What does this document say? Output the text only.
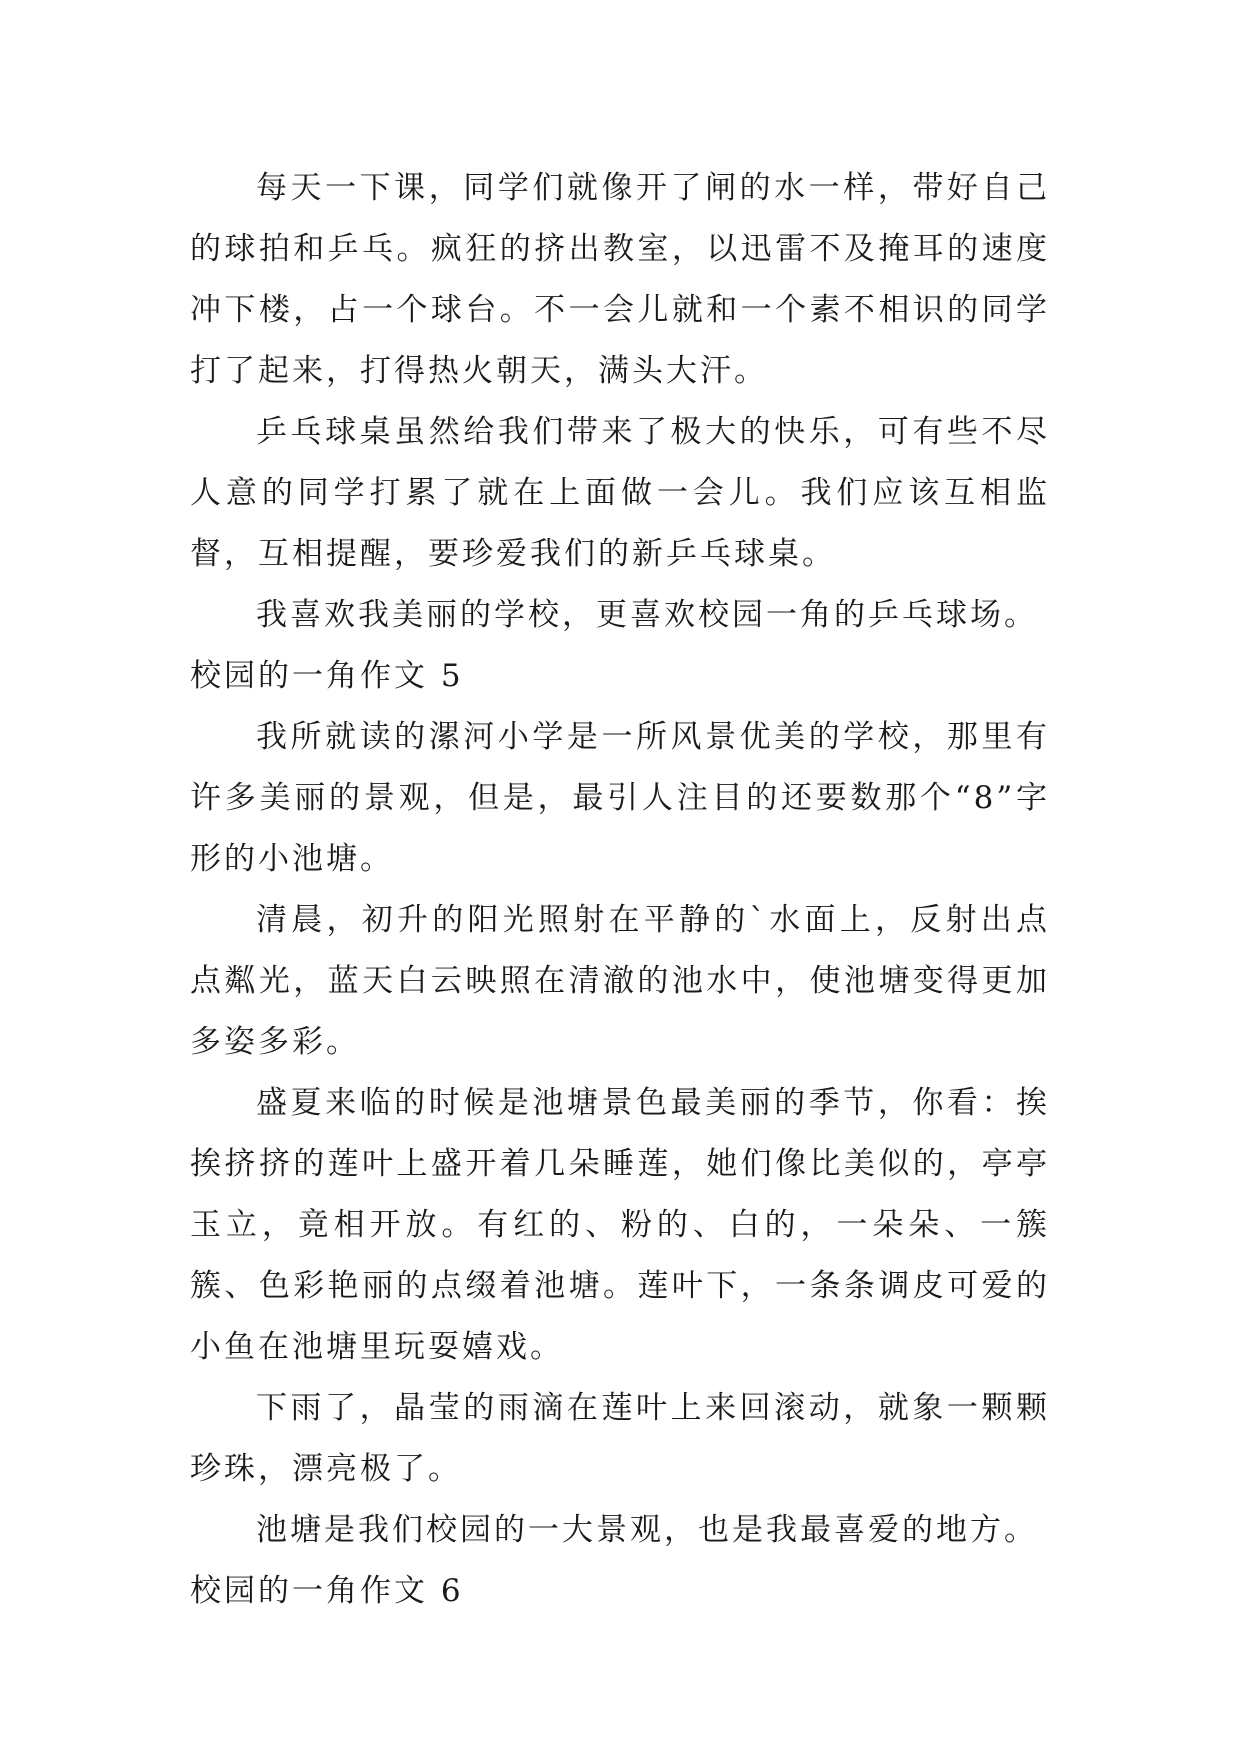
每天一下课，同学们就像开了闸的水一样，带好自己的球拍和乒乓。疯狂的挤出教室，以迅雷不及掩耳的速度冲下楼，占一个球台。不一会儿就和一个素不相识的同学打了起来，打得热火朝天，满头大汗。

乒乓球桌虽然给我们带来了极大的快乐，可有些不尽人意的同学打累了就在上面做一会儿。我们应该互相监督，互相提醒，要珍爱我们的新乒乓球桌。

我喜欢我美丽的学校，更喜欢校园一角的乒乓球场。

校园的一角作文 5

我所就读的漯河小学是一所风景优美的学校，那里有许多美丽的景观，但是，最引人注目的还要数那个“8”字形的小池塘。

清晨，初升的阳光照射在平静的`水面上，反射出点点粼光，蓝天白云映照在清澈的池水中，使池塘变得更加多姿多彩。

盛夏来临的时候是池塘景色最美丽的季节，你看：挨挨挤挤的莲叶上盛开着几朵睡莲，她们像比美似的，亭亭玉立，竟相开放。有红的、粉的、白的，一朵朵、一簇簇、色彩艳丽的点缀着池塘。莲叶下，一条条调皮可爱的小鱼在池塘里玩耍嬉戏。

下雨了，晶莹的雨滴在莲叶上来回滚动，就象一颗颗珍珠，漂亮极了。

池塘是我们校园的一大景观，也是我最喜爱的地方。

校园的一角作文 6
